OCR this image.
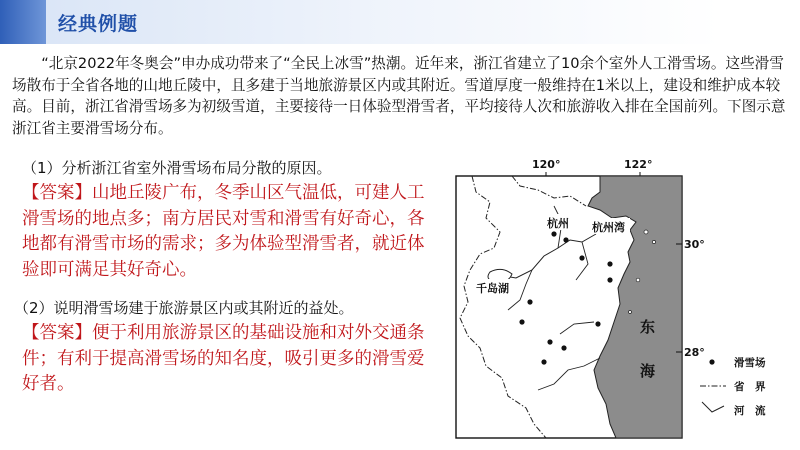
经典例题

“北京2022年冬奥会”申办成功带来了“全民上冰雪”热潮。近年来，浙江省建立了10余个室外人工滑雪场。这些滑雪场散布于全省各地的山地丘陵中，且多建于当地旅游景区内或其附近。雪道厚度一般维持在1米以上，建设和维护成本较高。目前，浙江省滑雪场多为初级雪道，主要接待一日体验型滑雪者，平均接待人次和旅游收入排在全国前列。下图示意浙江省主要滑雪场分布。

（1）分析浙江省室外滑雪场布局分散的原因。

【答案】山地丘陵广布，冬季山区气温低，可建人工滑雪场的地点多；南方居民对雪和滑雪有好奇心，各地都有滑雪市场的需求；多为体验型滑雪者，就近体验即可满足其好奇心。

（2）说明滑雪场建于旅游景区内或其附近的益处。

【答案】便于利用旅游景区的基础设施和对外交通条件；有利于提高滑雪场的知名度，吸引更多的滑雪爱好者。

120°	122°
30°
28°
千岛湖
杭州 杭州湾
东
海	滑雪场
省　界
河　流
